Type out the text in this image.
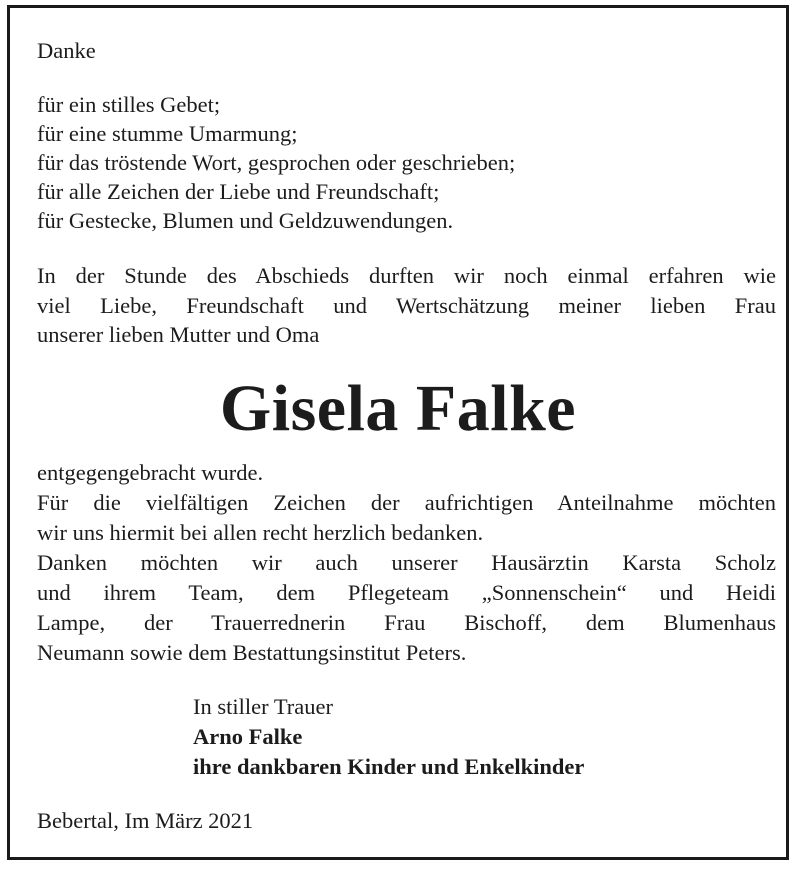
Danke
für ein stilles Gebet;
für eine stumme Umarmung;
für das tröstende Wort, gesprochen oder geschrieben;
für alle Zeichen der Liebe und Freundschaft;
für Gestecke, Blumen und Geldzuwendungen.
In der Stunde des Abschieds durften wir noch einmal erfahren wie
viel Liebe, Freundschaft und Wertschätzung meiner lieben Frau
unserer lieben Mutter und Oma
Gisela Falke
entgegengebracht wurde.
Für die vielfältigen Zeichen der aufrichtigen Anteilnahme möchten
wir uns hiermit bei allen recht herzlich bedanken.
Danken möchten wir auch unserer Hausärztin Karsta Scholz
und ihrem Team, dem Pflegeteam „Sonnenschein“ und Heidi
Lampe, der Trauerrednerin Frau Bischoff, dem Blumenhaus
Neumann sowie dem Bestattungsinstitut Peters.
In stiller Trauer
Arno Falke
ihre dankbaren Kinder und Enkelkinder
Bebertal, Im März 2021
